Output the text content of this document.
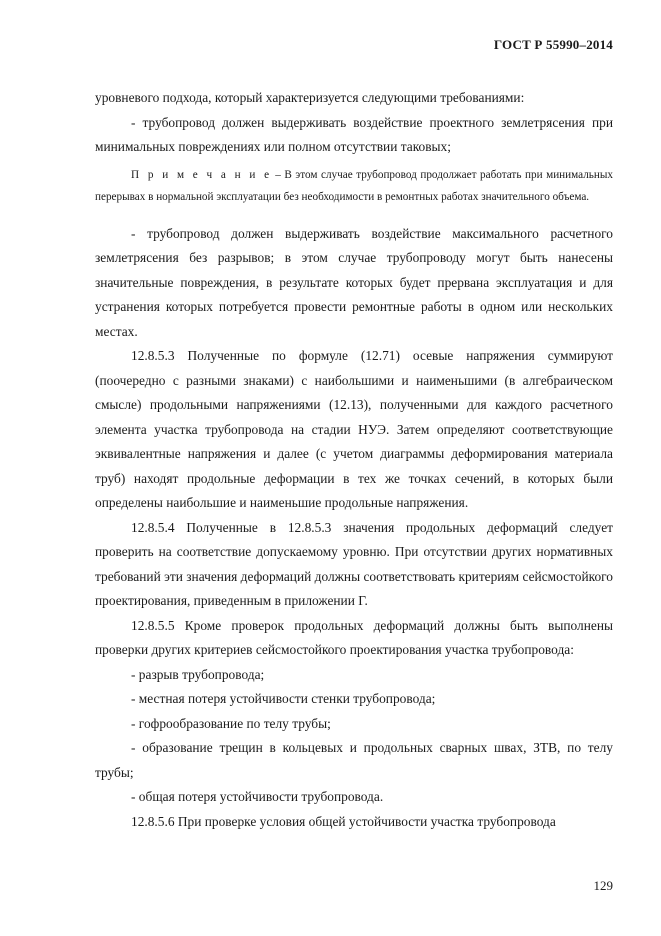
ГОСТ Р 55990–2014

уровневого подхода, который характеризуется следующими требованиями:

- трубопровод должен выдерживать воздействие проектного землетрясения при минимальных повреждениях или полном отсутствии таковых;

П р и м е ч а н и е – В этом случае трубопровод продолжает работать при минимальных перерывах в нормальной эксплуатации без необходимости в ремонтных работах значительного объема.

- трубопровод должен выдерживать воздействие максимального расчетного землетрясения без разрывов; в этом случае трубопроводу могут быть нанесены значительные повреждения, в результате которых будет прервана эксплуатация и для устранения которых потребуется провести ремонтные работы в одном или нескольких местах.

12.8.5.3 Полученные по формуле (12.71) осевые напряжения суммируют (поочередно с разными знаками) с наибольшими и наименьшими (в алгебраическом смысле) продольными напряжениями (12.13), полученными для каждого расчетного элемента участка трубопровода на стадии НУЭ. Затем определяют соответствующие эквивалентные напряжения и далее (с учетом диаграммы деформирования материала труб) находят продольные деформации в тех же точках сечений, в которых были определены наибольшие и наименьшие продольные напряжения.

12.8.5.4 Полученные в 12.8.5.3 значения продольных деформаций следует проверить на соответствие допускаемому уровню. При отсутствии других нормативных требований эти значения деформаций должны соответствовать критериям сейсмостойкого проектирования, приведенным в приложении Г.

12.8.5.5 Кроме проверок продольных деформаций должны быть выполнены проверки других критериев сейсмостойкого проектирования участка трубопровода:

- разрыв трубопровода;

- местная потеря устойчивости стенки трубопровода;

- гофрообразование по телу трубы;

- образование трещин в кольцевых и продольных сварных швах, ЗТВ, по телу трубы;

- общая потеря устойчивости трубопровода.

12.8.5.6 При проверке условия общей устойчивости участка трубопровода

129
